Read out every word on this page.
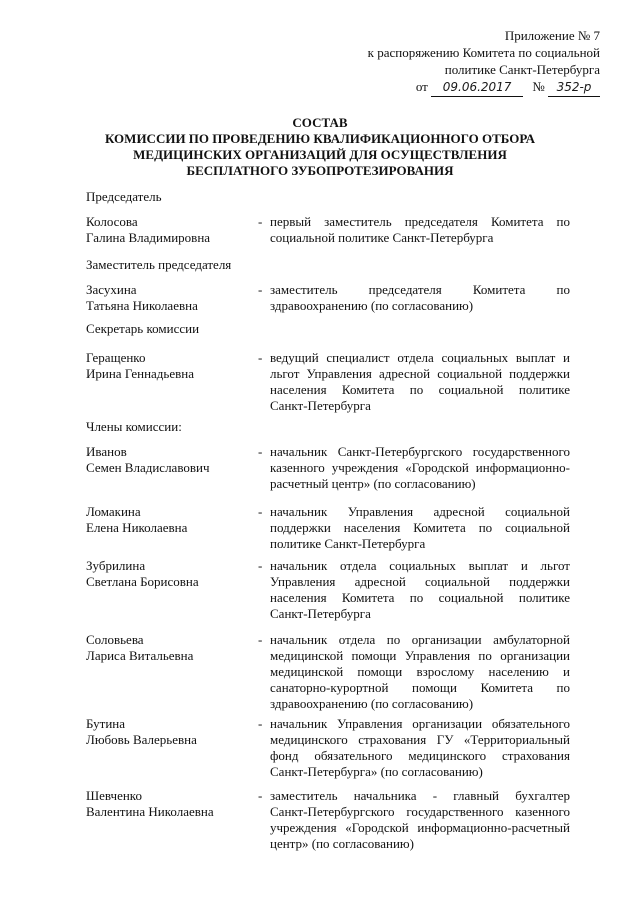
Приложение № 7
к распоряжению Комитета по социальной
политике Санкт-Петербурга
от 09.06.2017 № 352-р
СОСТАВ
КОМИССИИ ПО ПРОВЕДЕНИЮ КВАЛИФИКАЦИОННОГО ОТБОРА
МЕДИЦИНСКИХ ОРГАНИЗАЦИЙ ДЛЯ ОСУЩЕСТВЛЕНИЯ
БЕСПЛАТНОГО ЗУБОПРОТЕЗИРОВАНИЯ
Председатель
Заместитель председателя
Секретарь комиссии
Члены комиссии:
Колосова
Галина Владимировна
- первый заместитель председателя Комитета по
социальной политике Санкт-Петербурга
Засухина
Татьяна Николаевна
- заместитель председателя Комитета по
здравоохранению (по согласованию)
Геращенко
Ирина Геннадьевна
- ведущий специалист отдела социальных выплат и
льгот Управления адресной социальной поддержки
населения Комитета по социальной политике
Санкт-Петербурга
Иванов
Семен Владиславович
- начальник Санкт-Петербургского государственного
казенного учреждения «Городской информационно-
расчетный центр» (по согласованию)
Ломакина
Елена Николаевна
- начальник Управления адресной социальной
поддержки населения Комитета по социальной
политике Санкт-Петербурга
Зубрилина
Светлана Борисовна
- начальник отдела социальных выплат и льгот
Управления адресной социальной поддержки
населения Комитета по социальной политике
Санкт-Петербурга
Соловьева
Лариса Витальевна
- начальник отдела по организации амбулаторной
медицинской помощи Управления по организации
медицинской помощи взрослому населению и
санаторно-курортной помощи Комитета по
здравоохранению (по согласованию)
Бутина
Любовь Валерьевна
- начальник Управления организации обязательного
медицинского страхования ГУ «Территориальный
фонд обязательного медицинского страхования
Санкт-Петербурга» (по согласованию)
Шевченко
Валентина Николаевна
- заместитель начальника - главный бухгалтер
Санкт-Петербургского государственного казенного
учреждения «Городской информационно-расчетный
центр» (по согласованию)
